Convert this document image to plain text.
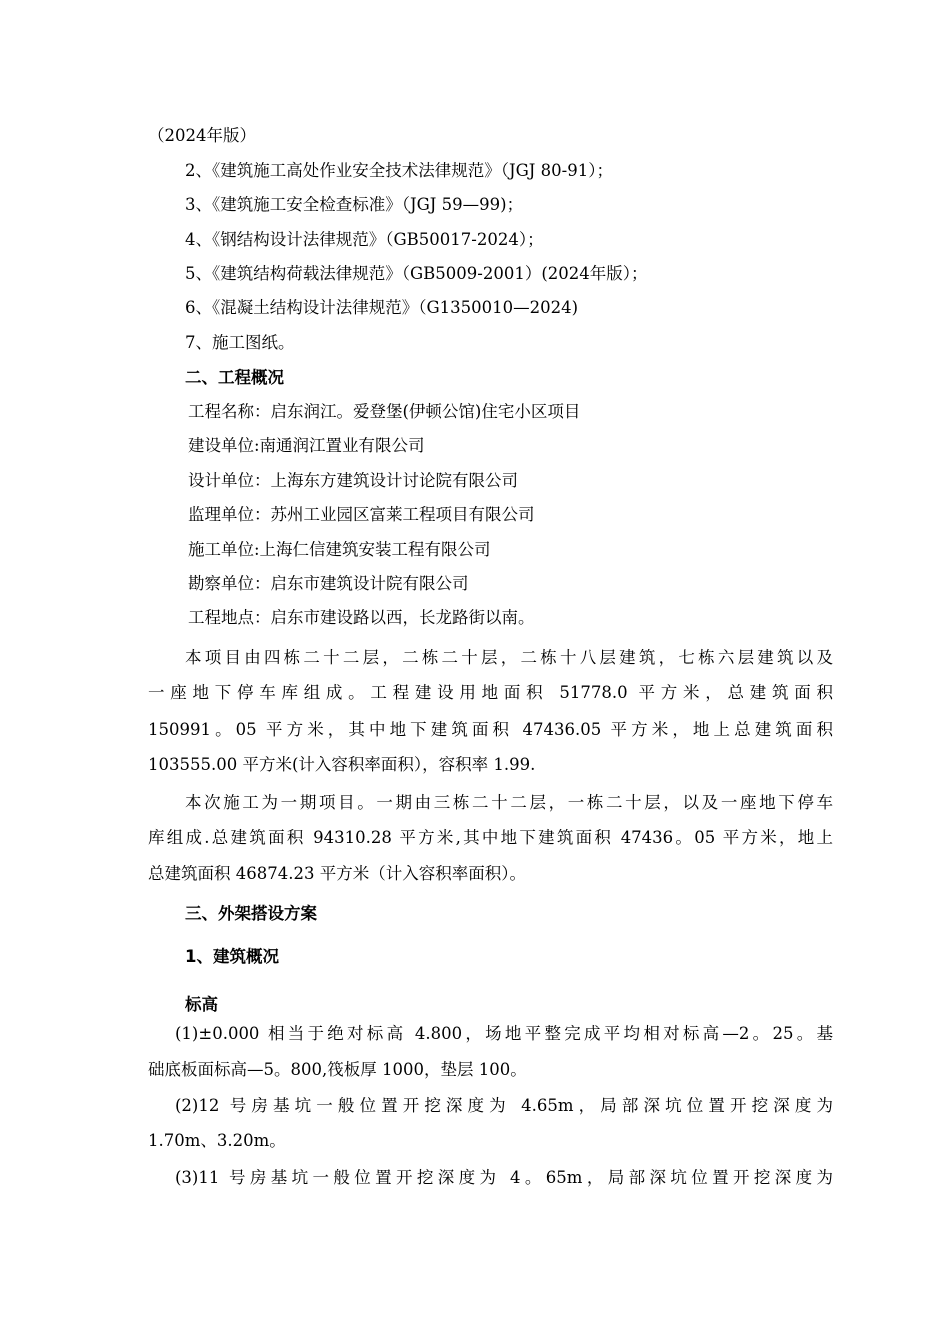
（2024年版）
2、《建筑施工高处作业安全技术法律规范》（JGJ 80-91）；
3、《建筑施工安全检查标准》（JGJ 59—99)；
4、《钢结构设计法律规范》（GB50017-2024）；
5、《建筑结构荷载法律规范》（GB5009-2001）(2024年版）；
6、《混凝土结构设计法律规范》（G1350010—2024)
7、施工图纸。
二、工程概况
工程名称：启东润江。爱登堡(伊顿公馆)住宅小区项目
建设单位:南通润江置业有限公司
设计单位：上海东方建筑设计讨论院有限公司
监理单位：苏州工业园区富莱工程项目有限公司
施工单位:上海仁信建筑安装工程有限公司
勘察单位：启东市建筑设计院有限公司
工程地点：启东市建设路以西，长龙路街以南。
本项目由四栋二十二层，二栋二十层，二栋十八层建筑，七栋六层建筑以及
一座地下停车库组成。工程建设用地面积 51778.0 平方米，总建筑面积
150991。05 平方米，其中地下建筑面积 47436.05 平方米，地上总建筑面积
103555.00 平方米(计入容积率面积），容积率 1.99.
本次施工为一期项目。一期由三栋二十二层，一栋二十层，以及一座地下停车
库组成.总建筑面积 94310.28 平方米,其中地下建筑面积 47436。05 平方米，地上
总建筑面积 46874.23 平方米（计入容积率面积）。
三、外架搭设方案
1、建筑概况
标高
(1)±0.000 相当于绝对标高 4.800，场地平整完成平均相对标高—2。25。基
础底板面标高—5。800,筏板厚 1000，垫层 100。
(2)12 号房基坑一般位置开挖深度为 4.65m，局部深坑位置开挖深度为
1.70m、3.20m。
(3)11 号房基坑一般位置开挖深度为 4。65m，局部深坑位置开挖深度为
